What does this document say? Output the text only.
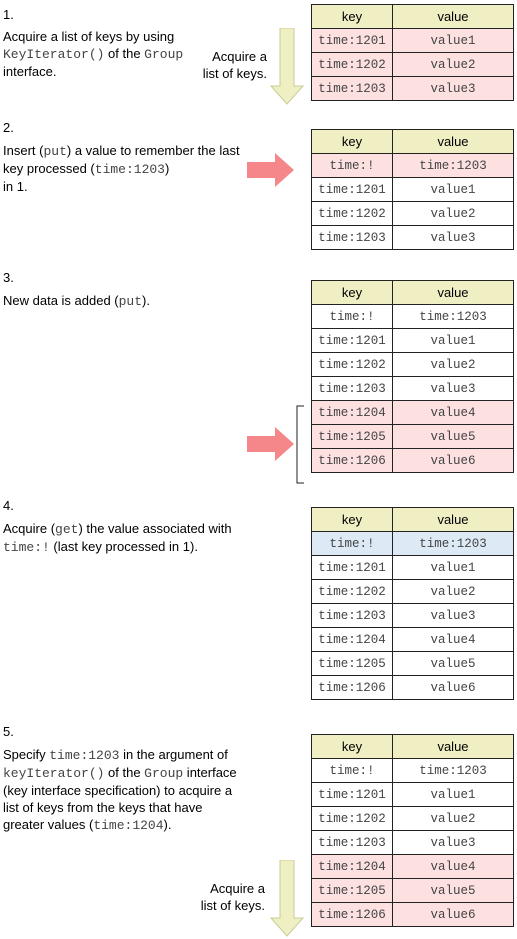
1.
Acquire a list of keys by using KeyIterator() of the Group
interface.
Acquire a
list of keys.
key	value
time:1201	value1
time:1202	value2
time:1203	value3
2.
Insert (put) a value to remember the last key processed (time:1203)
in 1.
key	value
time:!	time:1203
time:1201	value1
time:1202	value2
time:1203	value3
3.
New data is added (put).
key	value
time:!	time:1203
time:1201	value1
time:1202	value2
time:1203	value3
time:1204	value4
time:1205	value5
time:1206	value6
4.
Acquire (get) the value associated with
time:! (last key processed in 1).
key	value
time:!	time:1203
time:1201	value1
time:1202	value2
time:1203	value3
time:1204	value4
time:1205	value5
time:1206	value6
5.
Specify time:1203 in the argument of
keyIterator() of the Group interface
(key interface specification) to acquire a
list of keys from the keys that have
greater values (time:1204).
Acquire a
list of keys.
key	value
time:!	time:1203
time:1201	value1
time:1202	value2
time:1203	value3
time:1204	value4
time:1205	value5
time:1206	value6
